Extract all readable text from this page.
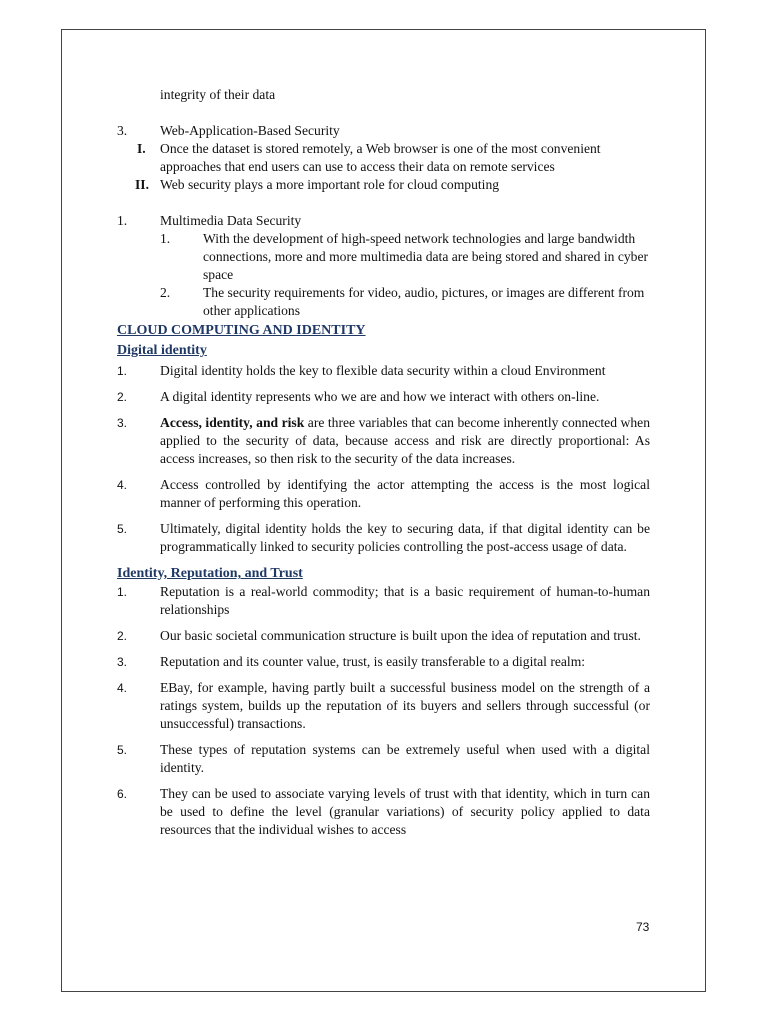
integrity of their data
3. Web-Application-Based Security
I. Once the dataset is stored remotely, a Web browser is one of the most convenient approaches that end users can use to access their data on remote services
II. Web security plays a more important role for cloud computing
1. Multimedia Data Security
1. With the development of high-speed network technologies and large bandwidth connections, more and more multimedia data are being stored and shared in cyber space
2. The security requirements for video, audio, pictures, or images are different from other applications
CLOUD COMPUTING AND IDENTITY
Digital identity
1. Digital identity holds the key to flexible data security within a cloud Environment
2. A digital identity represents who we are and how we interact with others on-line.
3. Access, identity, and risk are three variables that can become inherently connected when applied to the security of data, because access and risk are directly proportional: As access increases, so then risk to the security of the data increases.
4. Access controlled by identifying the actor attempting the access is the most logical manner of performing this operation.
5. Ultimately, digital identity holds the key to securing data, if that digital identity can be programmatically linked to security policies controlling the post-access usage of data.
Identity, Reputation, and Trust
1. Reputation is a real-world commodity; that is a basic requirement of human-to-human relationships
2. Our basic societal communication structure is built upon the idea of reputation and trust.
3. Reputation and its counter value, trust, is easily transferable to a digital realm:
4. EBay, for example, having partly built a successful business model on the strength of a ratings system, builds up the reputation of its buyers and sellers through successful (or unsuccessful) transactions.
5. These types of reputation systems can be extremely useful when used with a digital identity.
6. They can be used to associate varying levels of trust with that identity, which in turn can be used to define the level (granular variations) of security policy applied to data resources that the individual wishes to access
73
